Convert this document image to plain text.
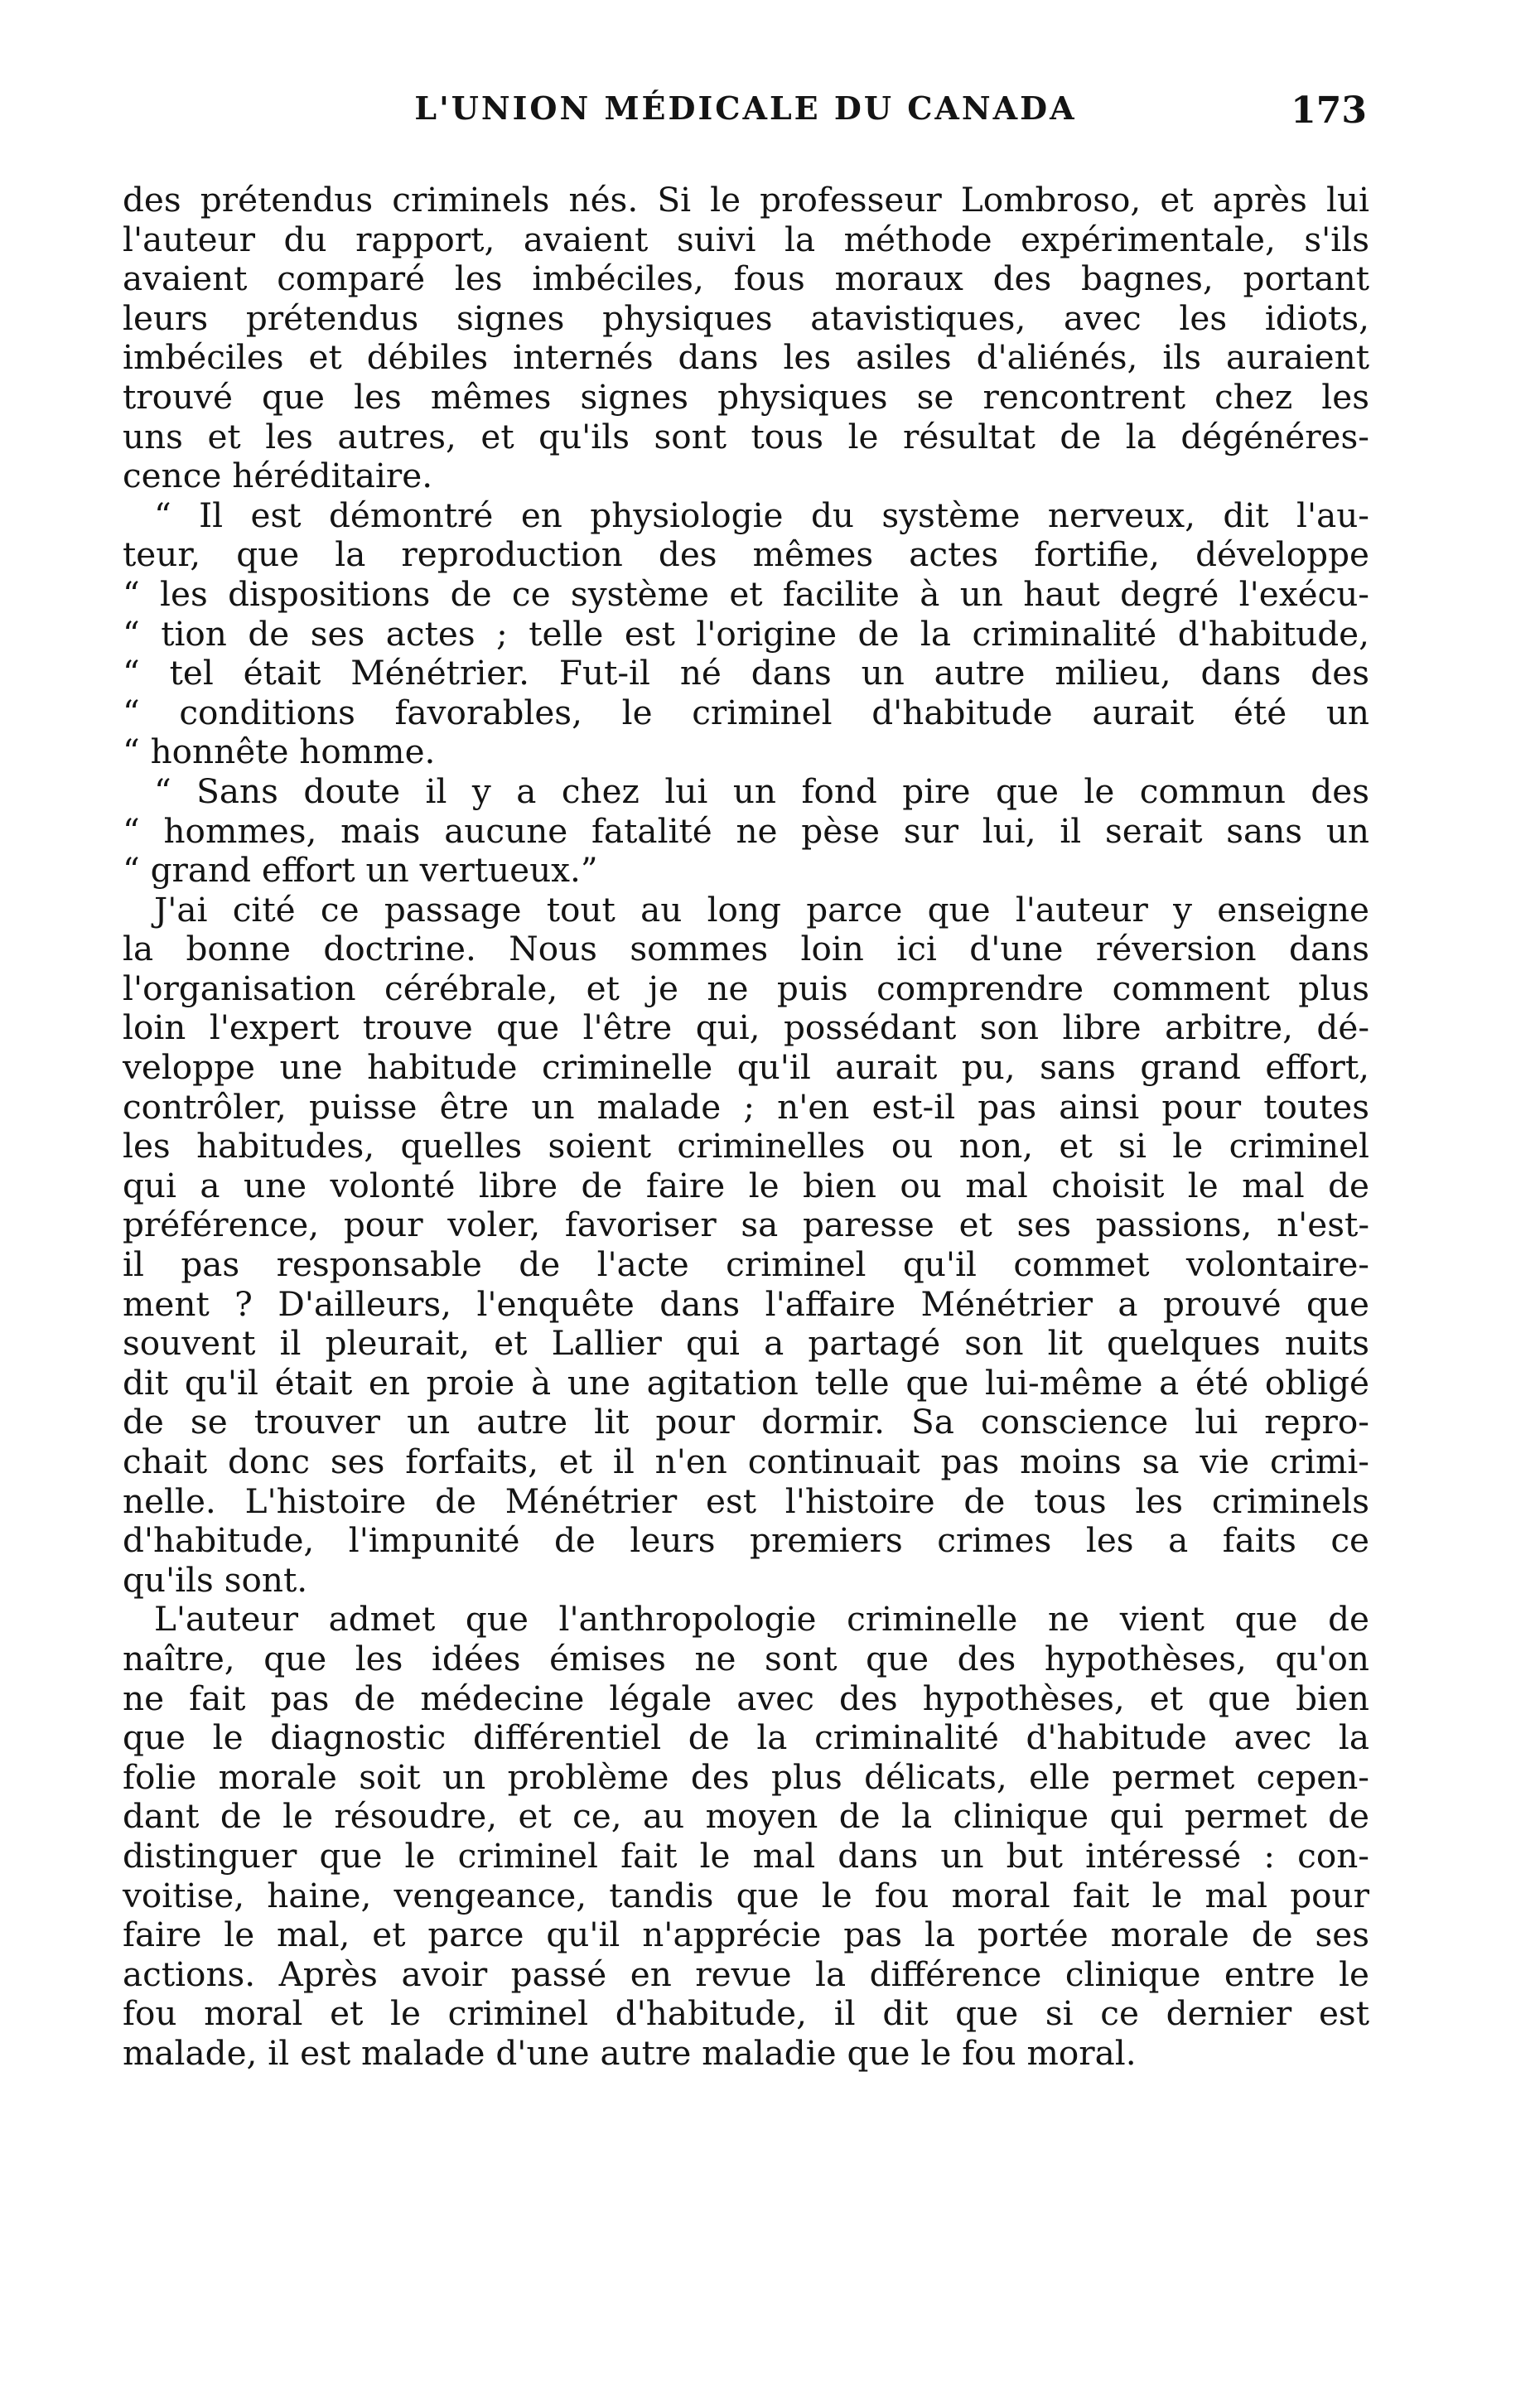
L'UNION MÉDICALE DU CANADA	173
des prétendus criminels nés. Si le professeur Lombroso, et après lui
l'auteur du rapport, avaient suivi la méthode expérimentale, s'ils
avaient comparé les imbéciles, fous moraux des bagnes, portant
leurs prétendus signes physiques atavistiques, avec les idiots,
imbéciles et débiles internés dans les asiles d'aliénés, ils auraient
trouvé que les mêmes signes physiques se rencontrent chez les
uns et les autres, et qu'ils sont tous le résultat de la dégénéres-
cence héréditaire.
“ Il est démontré en physiologie du système nerveux, dit l'au-
teur, que la reproduction des mêmes actes fortifie, développe
“ les dispositions de ce système et facilite à un haut degré l'exécu-
“ tion de ses actes ; telle est l'origine de la criminalité d'habitude,
“ tel était Ménétrier. Fut-il né dans un autre milieu, dans des
“ conditions favorables, le criminel d'habitude aurait été un
“ honnête homme.
“ Sans doute il y a chez lui un fond pire que le commun des
“ hommes, mais aucune fatalité ne pèse sur lui, il serait sans un
“ grand effort un vertueux.”
J'ai cité ce passage tout au long parce que l'auteur y enseigne
la bonne doctrine. Nous sommes loin ici d'une réversion dans
l'organisation cérébrale, et je ne puis comprendre comment plus
loin l'expert trouve que l'être qui, possédant son libre arbitre, dé-
veloppe une habitude criminelle qu'il aurait pu, sans grand effort,
contrôler, puisse être un malade ; n'en est-il pas ainsi pour toutes
les habitudes, quelles soient criminelles ou non, et si le criminel
qui a une volonté libre de faire le bien ou mal choisit le mal de
préférence, pour voler, favoriser sa paresse et ses passions, n'est-
il pas responsable de l'acte criminel qu'il commet volontaire-
ment ? D'ailleurs, l'enquête dans l'affaire Ménétrier a prouvé que
souvent il pleurait, et Lallier qui a partagé son lit quelques nuits
dit qu'il était en proie à une agitation telle que lui-même a été obligé
de se trouver un autre lit pour dormir. Sa conscience lui repro-
chait donc ses forfaits, et il n'en continuait pas moins sa vie crimi-
nelle. L'histoire de Ménétrier est l'histoire de tous les criminels
d'habitude, l'impunité de leurs premiers crimes les a faits ce
qu'ils sont.
L'auteur admet que l'anthropologie criminelle ne vient que de
naître, que les idées émises ne sont que des hypothèses, qu'on
ne fait pas de médecine légale avec des hypothèses, et que bien
que le diagnostic différentiel de la criminalité d'habitude avec la
folie morale soit un problème des plus délicats, elle permet cepen-
dant de le résoudre, et ce, au moyen de la clinique qui permet de
distinguer que le criminel fait le mal dans un but intéressé : con-
voitise, haine, vengeance, tandis que le fou moral fait le mal pour
faire le mal, et parce qu'il n'apprécie pas la portée morale de ses
actions. Après avoir passé en revue la différence clinique entre le
fou moral et le criminel d'habitude, il dit que si ce dernier est
malade, il est malade d'une autre maladie que le fou moral.
